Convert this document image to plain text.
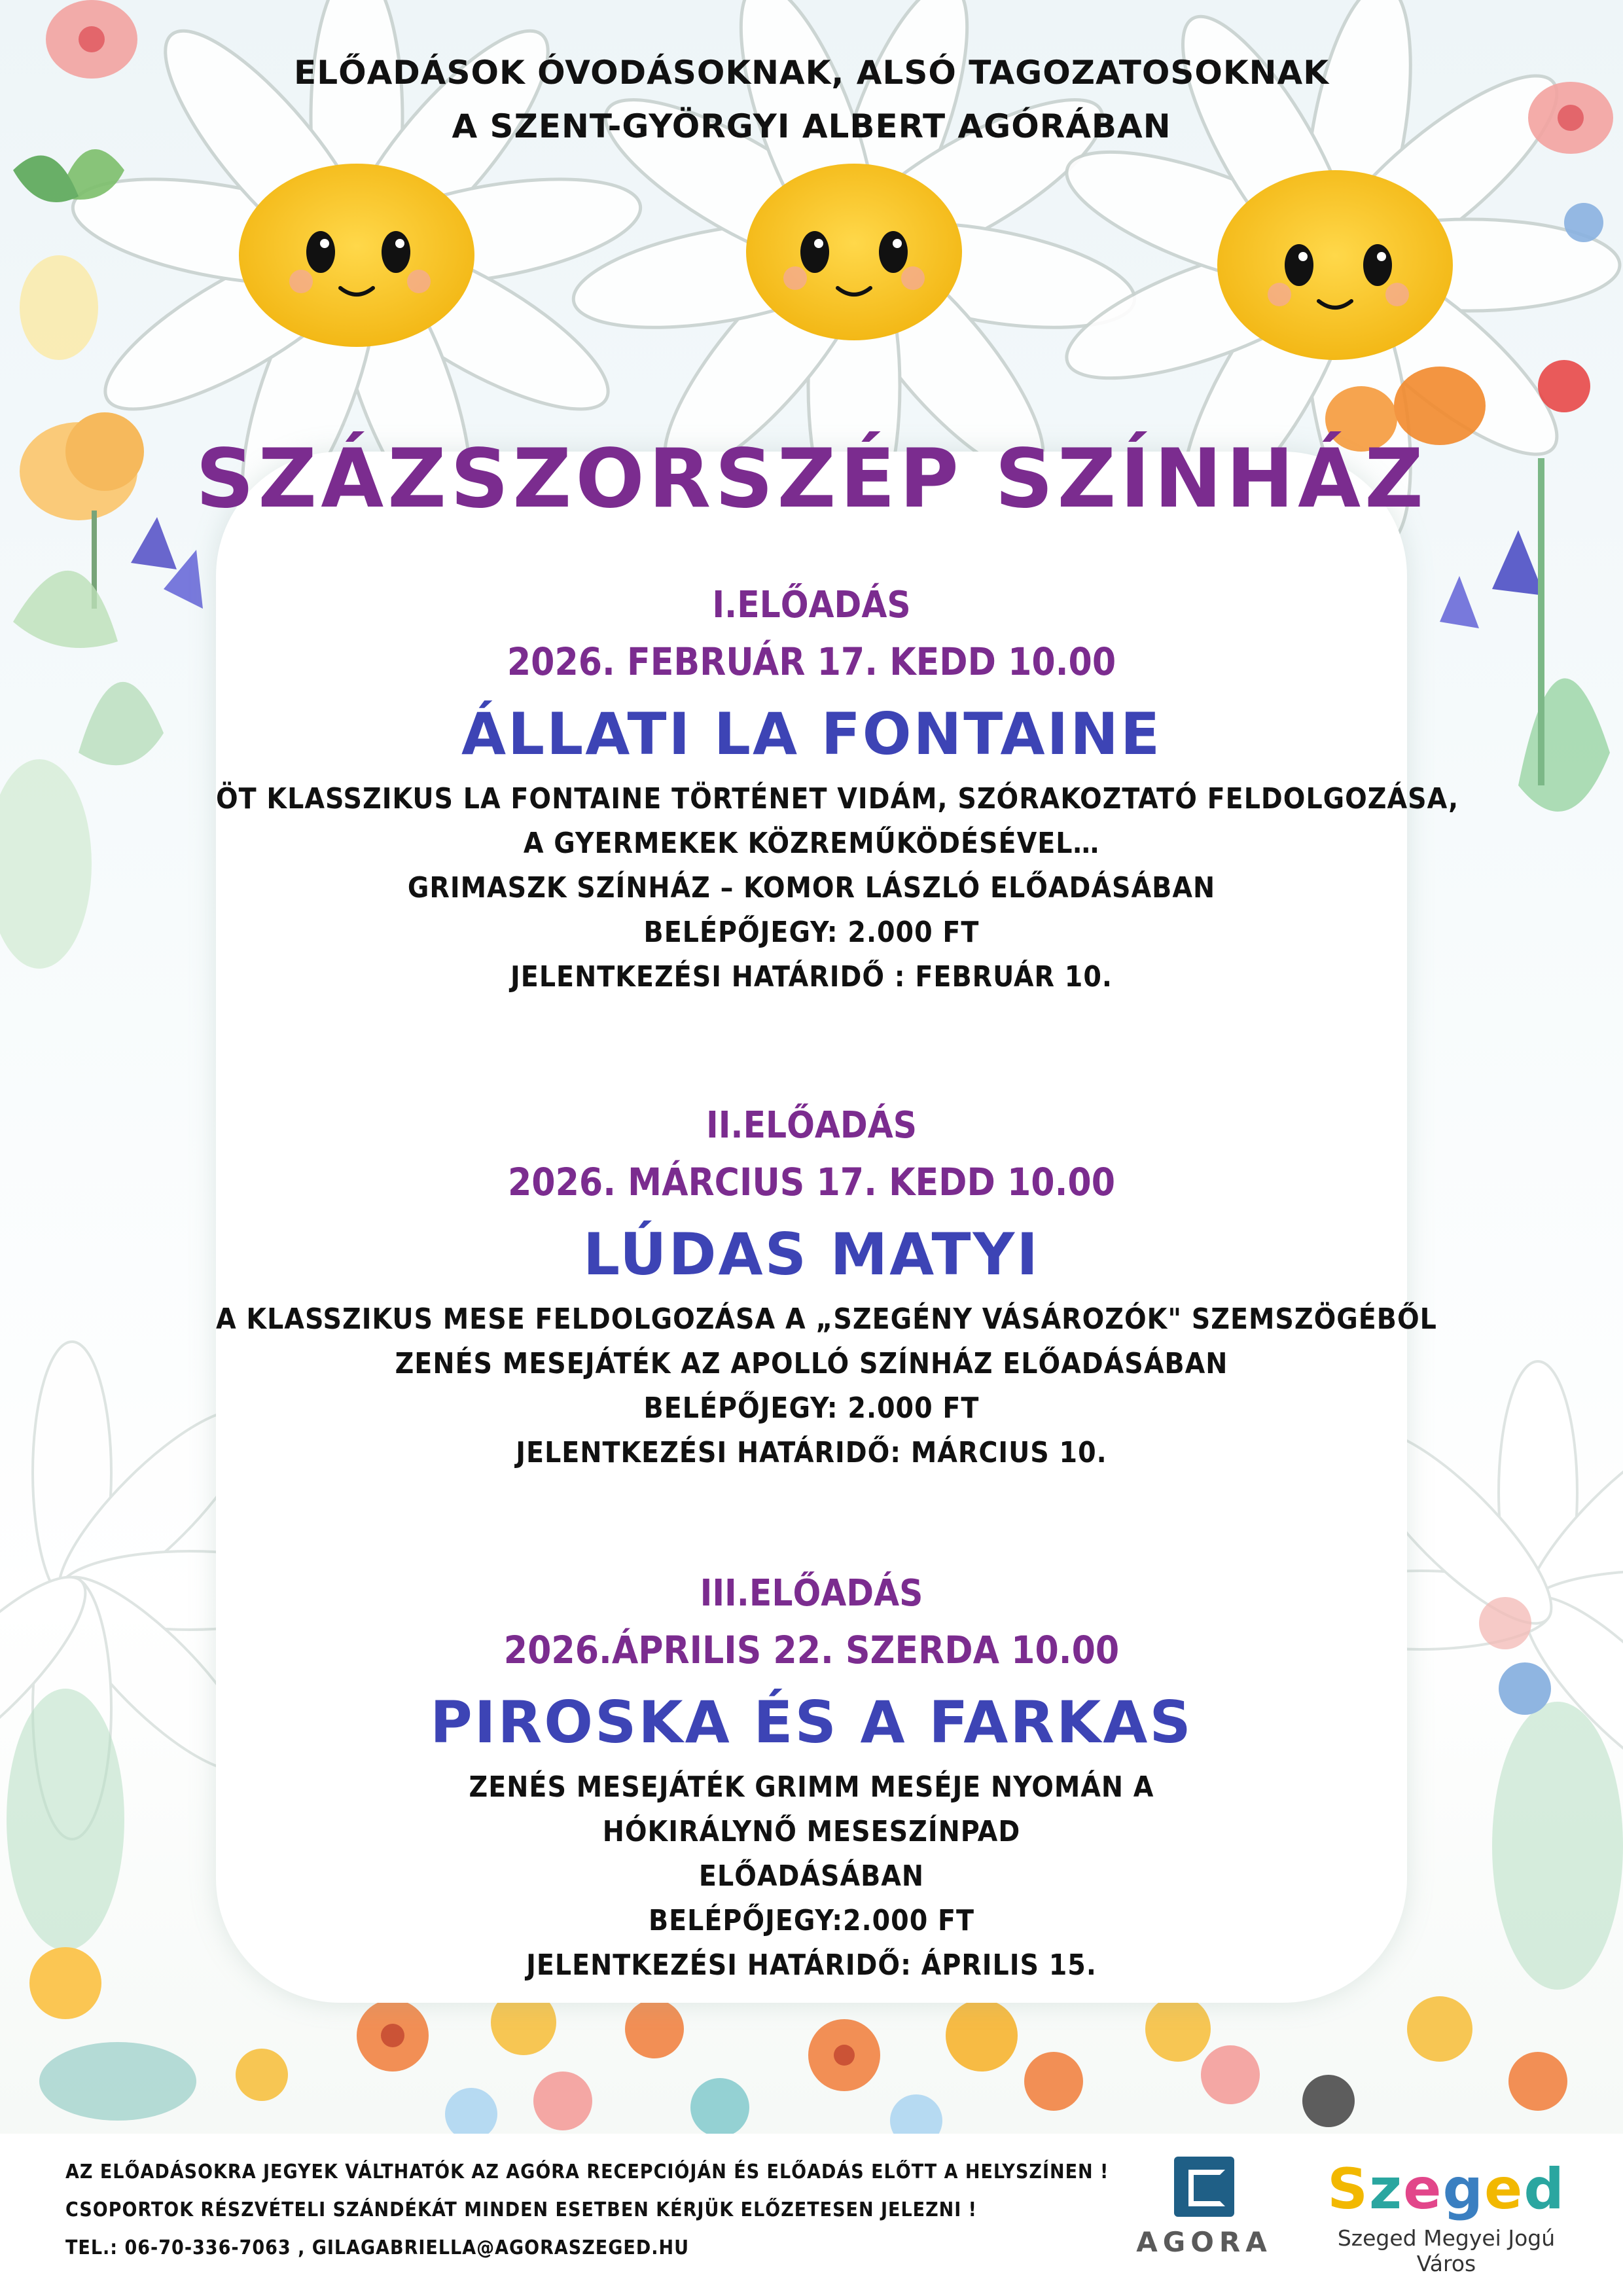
ELŐADÁSOK ÓVODÁSOKNAK, ALSÓ TAGOZATOSOKNAK
A SZENT-GYÖRGYI ALBERT AGÓRÁBAN
SZÁZSZORSZÉP SZÍNHÁZ
I.ELŐADÁS
2026. FEBRUÁR 17. KEDD 10.00
ÁLLATI LA FONTAINE
ÖT KLASSZIKUS LA FONTAINE TÖRTÉNET VIDÁM, SZÓRAKOZTATÓ FELDOLGOZÁSA,
A GYERMEKEK KÖZREMŰKÖDÉSÉVEL…
GRIMASZK SZÍNHÁZ – KOMOR LÁSZLÓ ELŐADÁSÁBAN
BELÉPŐJEGY: 2.000 FT
JELENTKEZÉSI HATÁRIDŐ : FEBRUÁR 10.
II.ELŐADÁS
2026. MÁRCIUS 17. KEDD 10.00
LÚDAS MATYI
A KLASSZIKUS MESE FELDOLGOZÁSA A „SZEGÉNY VÁSÁROZÓK" SZEMSZÖGÉBŐL
ZENÉS MESEJÁTÉK AZ APOLLÓ SZÍNHÁZ ELŐADÁSÁBAN
BELÉPŐJEGY: 2.000 FT
JELENTKEZÉSI HATÁRIDŐ: MÁRCIUS 10.
III.ELŐADÁS
2026.ÁPRILIS 22. SZERDA 10.00
PIROSKA ÉS A FARKAS
ZENÉS MESEJÁTÉK GRIMM MESÉJE NYOMÁN A
HÓKIRÁLYNŐ MESESZÍNPAD
ELŐADÁSÁBAN
BELÉPŐJEGY:2.000 FT
JELENTKEZÉSI HATÁRIDŐ: ÁPRILIS 15.
AZ ELŐADÁSOKRA JEGYEK VÁLTHATÓK AZ AGÓRA RECEPCIÓJÁN ÉS ELŐADÁS ELŐTT A HELYSZÍNEN !
CSOPORTOK RÉSZVÉTELI SZÁNDÉKÁT MINDEN ESETBEN KÉRJÜK ELŐZETESEN JELEZNI !
TEL.: 06-70-336-7063 , GILAGABRIELLA@AGORASZEGED.HU	AGORA
Szeged
Szeged Megyei Jogú Város
